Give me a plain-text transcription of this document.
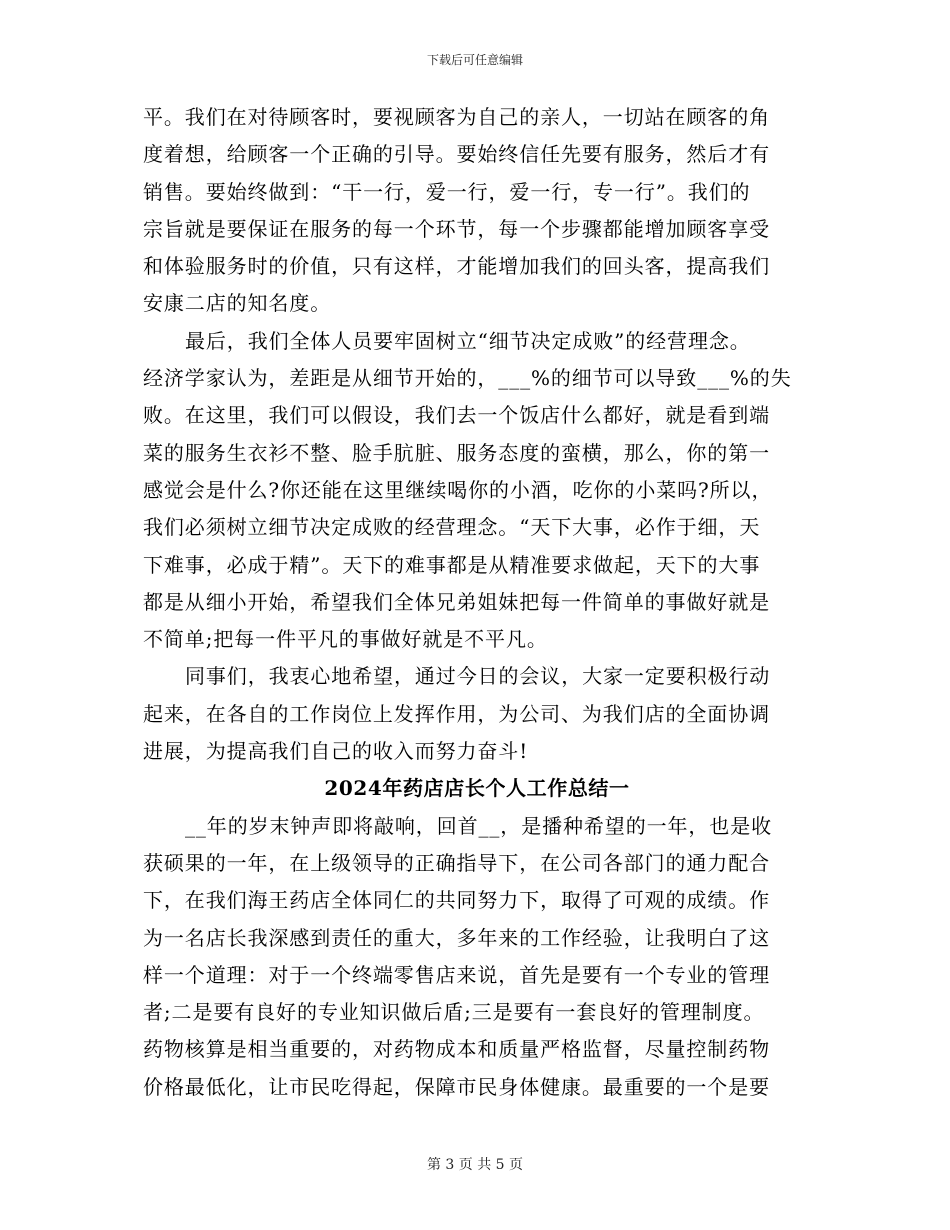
下载后可任意编辑
平。我们在对待顾客时，要视顾客为自己的亲人，一切站在顾客的角
度着想，给顾客一个正确的引导。要始终信任先要有服务，然后才有
销售。要始终做到：“干一行，爱一行，爱一行，专一行”。我们的
宗旨就是要保证在服务的每一个环节，每一个步骤都能增加顾客享受
和体验服务时的价值，只有这样，才能增加我们的回头客，提高我们
安康二店的知名度。
最后，我们全体人员要牢固树立“细节决定成败”的经营理念。
经济学家认为，差距是从细节开始的，___%的细节可以导致___%的失
败。在这里，我们可以假设，我们去一个饭店什么都好，就是看到端
菜的服务生衣衫不整、脸手肮脏、服务态度的蛮横，那么，你的第一
感觉会是什么?你还能在这里继续喝你的小酒，吃你的小菜吗?所以，
我们必须树立细节决定成败的经营理念。“天下大事，必作于细，天
下难事，必成于精”。天下的难事都是从精准要求做起，天下的大事
都是从细小开始，希望我们全体兄弟姐妹把每一件简单的事做好就是
不简单;把每一件平凡的事做好就是不平凡。
同事们，我衷心地希望，通过今日的会议，大家一定要积极行动
起来，在各自的工作岗位上发挥作用，为公司、为我们店的全面协调
进展，为提高我们自己的收入而努力奋斗!
2024年药店店长个人工作总结一
__年的岁末钟声即将敲响，回首__，是播种希望的一年，也是收
获硕果的一年，在上级领导的正确指导下，在公司各部门的通力配合
下，在我们海王药店全体同仁的共同努力下，取得了可观的成绩。作
为一名店长我深感到责任的重大，多年来的工作经验，让我明白了这
样一个道理：对于一个终端零售店来说，首先是要有一个专业的管理
者;二是要有良好的专业知识做后盾;三是要有一套良好的管理制度。
药物核算是相当重要的，对药物成本和质量严格监督，尽量控制药物
价格最低化，让市民吃得起，保障市民身体健康。最重要的一个是要
第 3 页 共 5 页
